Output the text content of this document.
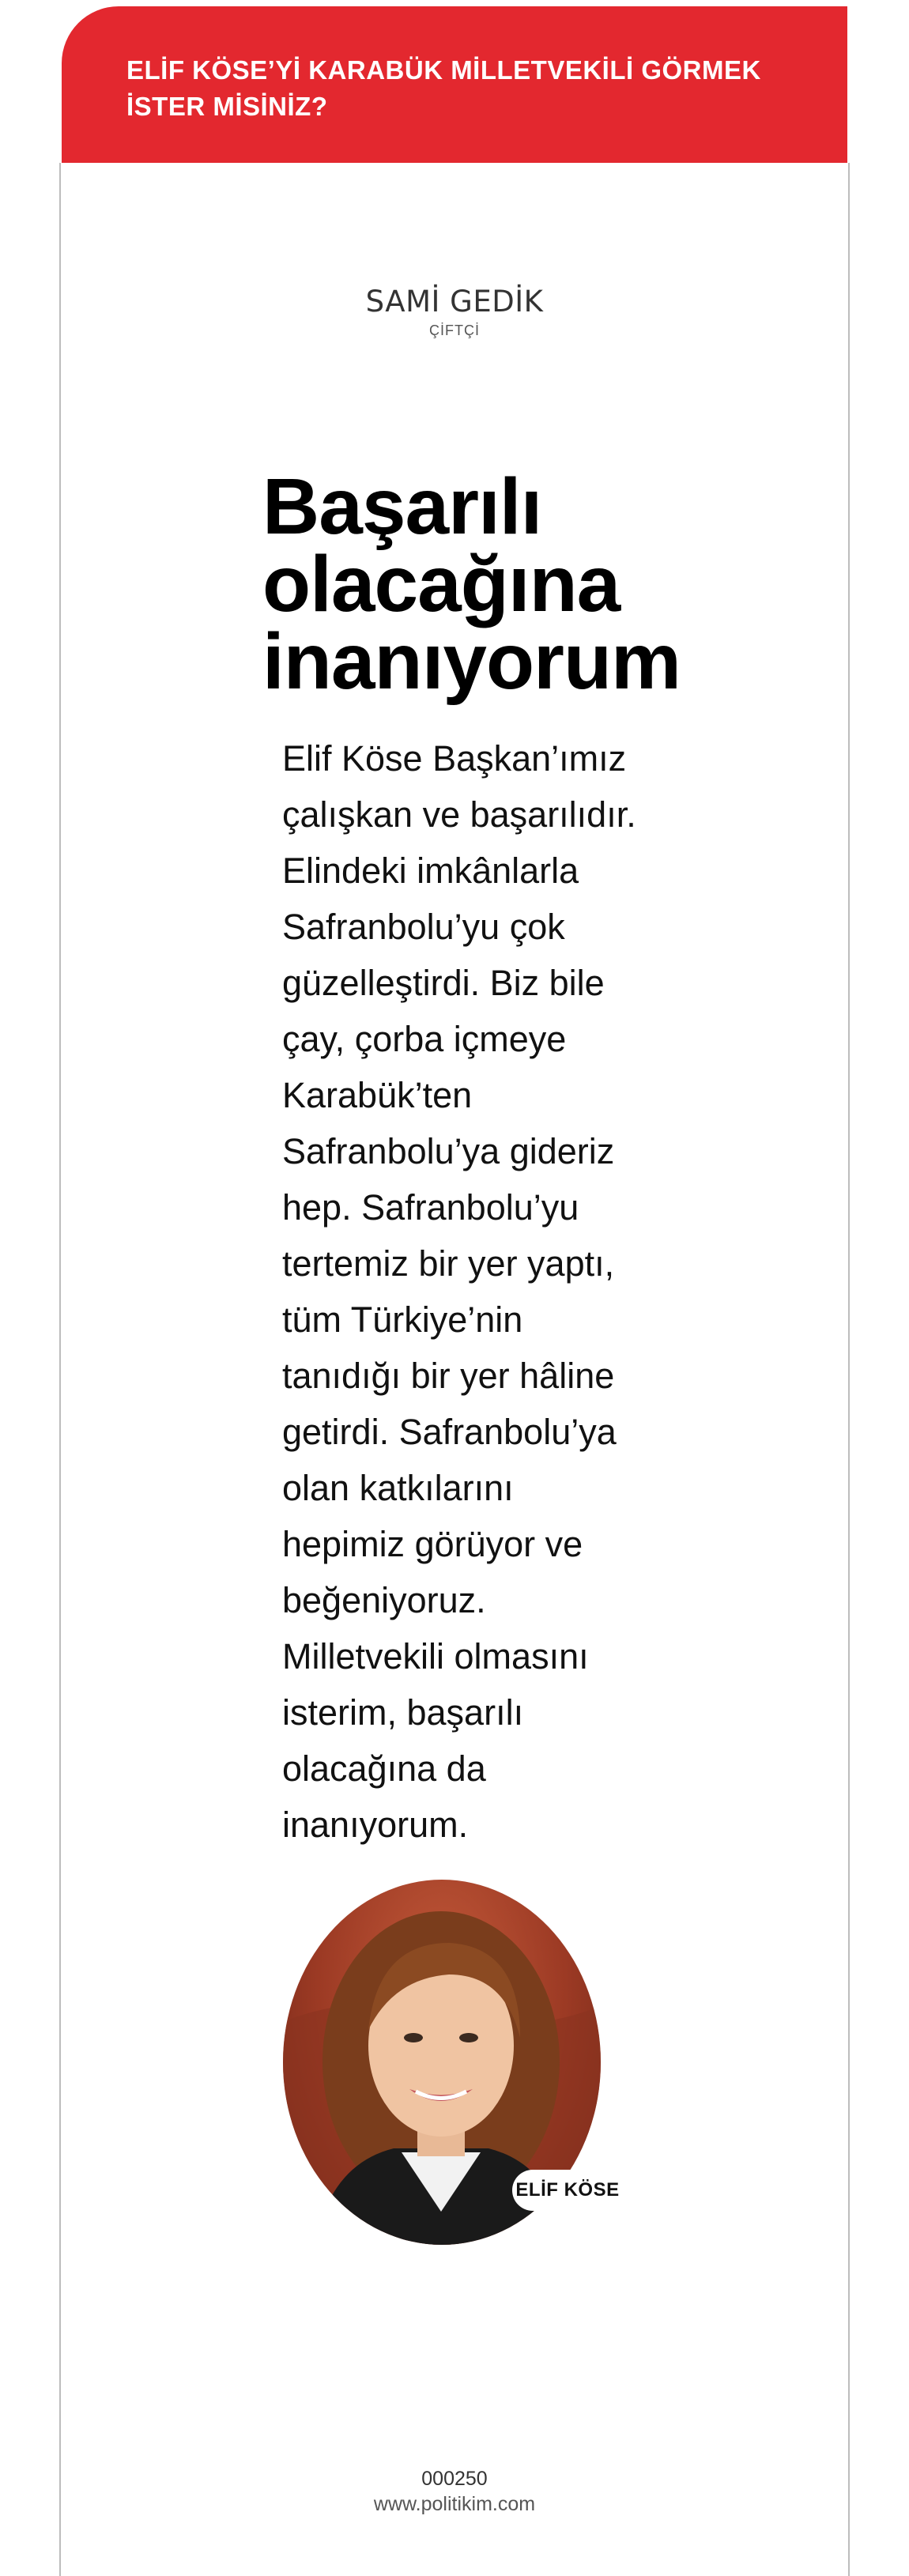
ELİF KÖSE’Yİ KARABÜK MİLLETVEKİLİ GÖRMEK
İSTER MİSİNİZ?

SAMİ GEDİK
ÇİFTÇİ
Başarılı
olacağına
inanıyorum

Elif Köse Başkan’ımız
çalışkan ve başarılıdır.
Elindeki imkânlarla
Safranbolu’yu çok
güzelleştirdi. Biz bile
çay, çorba içmeye
Karabük’ten
Safranbolu’ya gideriz
hep. Safranbolu’yu
tertemiz bir yer yaptı,
tüm Türkiye’nin
tanıdığı bir yer hâline
getirdi. Safranbolu’ya
olan katkılarını
hepimiz görüyor ve
beğeniyoruz.
Milletvekili olmasını
isterim, başarılı
olacağına da
inanıyorum.

ELİF KÖSE
000250
www.politikim.com
